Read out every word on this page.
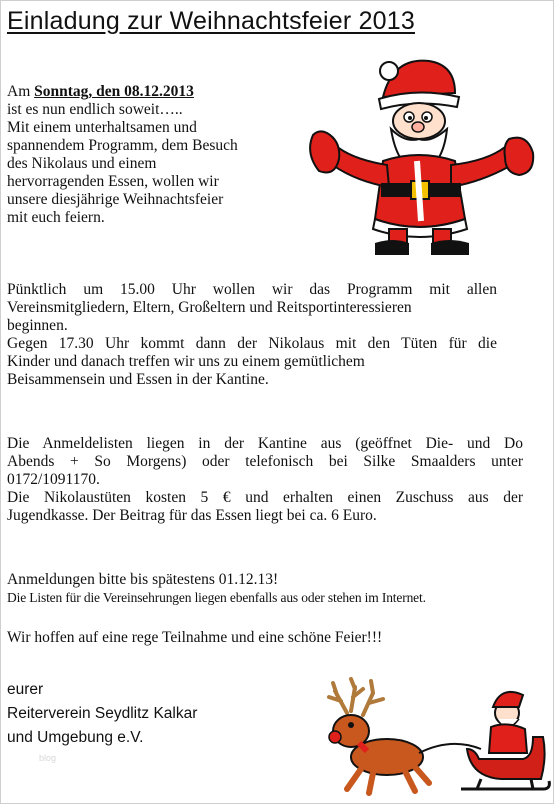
Einladung zur Weihnachtsfeier 2013
Am Sonntag, den 08.12.2013
ist es nun endlich soweit…..
Mit einem unterhaltsamen und
spannendem Programm, dem Besuch
des Nikolaus und einem
hervorragenden Essen, wollen wir
unsere diesjährige Weihnachtsfeier
mit euch feiern.
Pünktlich um 15.00 Uhr wollen wir das Programm mit allen
Vereinsmitgliedern, Eltern, Großeltern und Reitsportinteressieren
beginnen.
Gegen 17.30 Uhr kommt dann der Nikolaus mit den Tüten für die
Kinder und danach treffen wir uns zu einem gemütlichem
Beisammensein und Essen in der Kantine.
Die Anmeldelisten liegen in der Kantine aus (geöffnet Die- und Do
Abends + So Morgens) oder telefonisch bei Silke Smaalders unter
0172/1091170.
Die Nikolaustüten kosten 5 € und erhalten einen Zuschuss aus der
Jugendkasse. Der Beitrag für das Essen liegt bei ca. 6 Euro.
Anmeldungen bitte bis spätestens 01.12.13!
Die Listen für die Vereinsehrungen liegen ebenfalls aus oder stehen im Internet.
Wir hoffen auf eine rege Teilnahme und eine schöne Feier!!!
eurer
Reiterverein Seydlitz Kalkar
und Umgebung e.V.
blog
